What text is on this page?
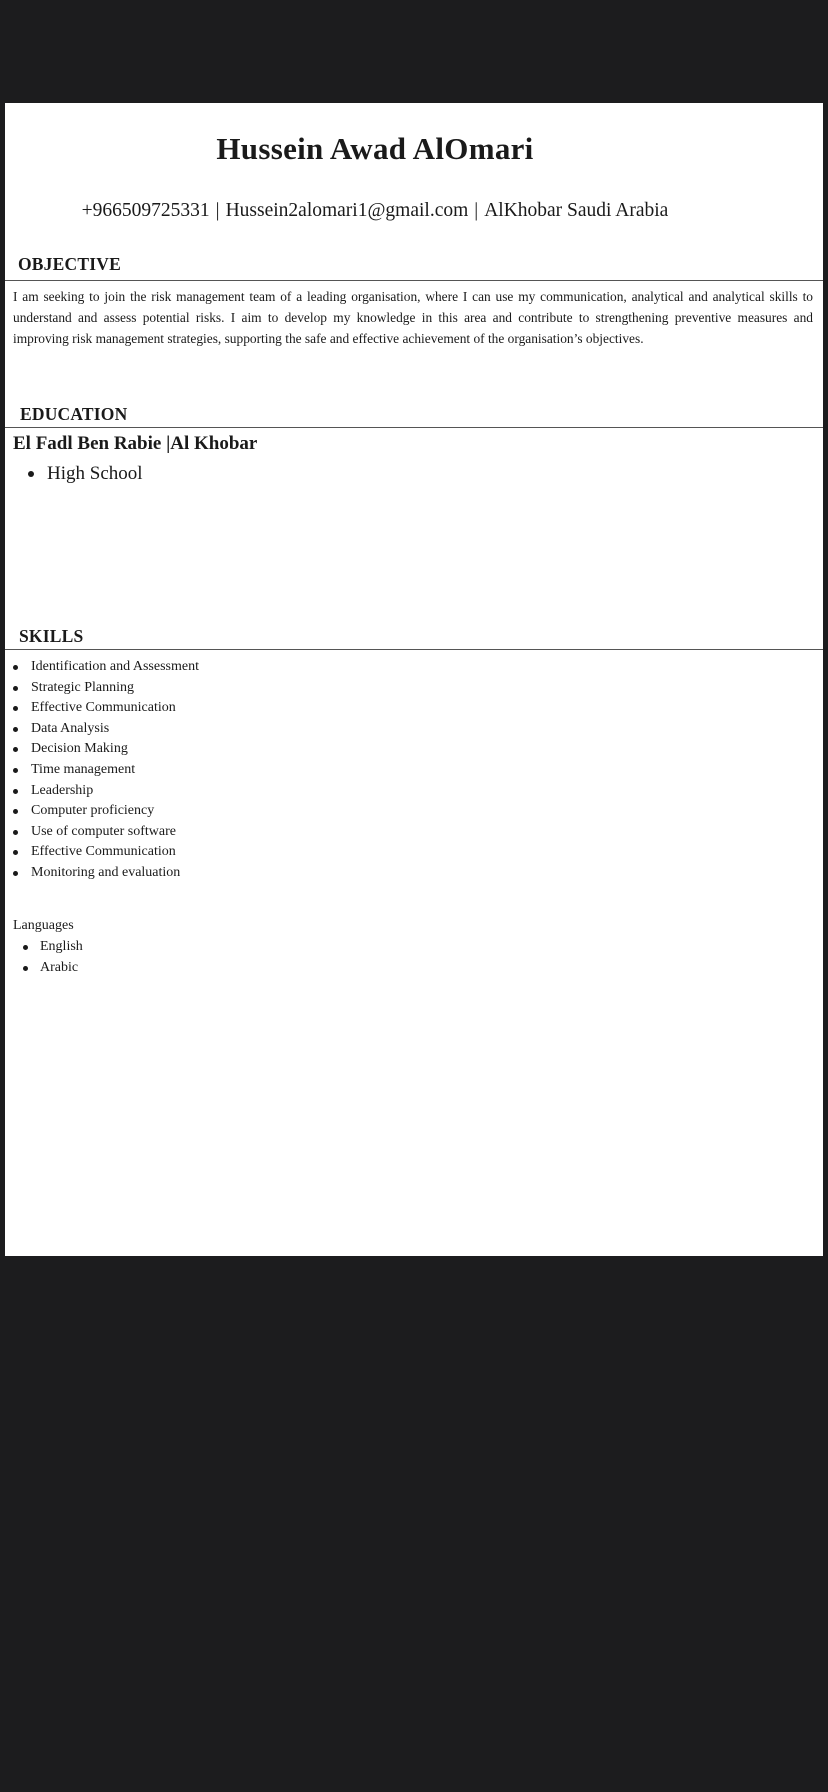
Hussein Awad AlOmari
+966509725331 | Hussein2alomari1@gmail.com | AlKhobar Saudi Arabia
OBJECTIVE
I am seeking to join the risk management team of a leading organisation, where I can use my communication, analytical and analytical skills to understand and assess potential risks. I aim to develop my knowledge in this area and contribute to strengthening preventive measures and improving risk management strategies, supporting the safe and effective achievement of the organisation’s objectives.
EDUCATION
El Fadl Ben Rabie |Al Khobar
High School
SKILLS
Identification and Assessment
Strategic Planning
Effective Communication
Data Analysis
Decision Making
Time management
Leadership
Computer proficiency
Use of computer software
Effective Communication
Monitoring and evaluation
Languages
English
Arabic
